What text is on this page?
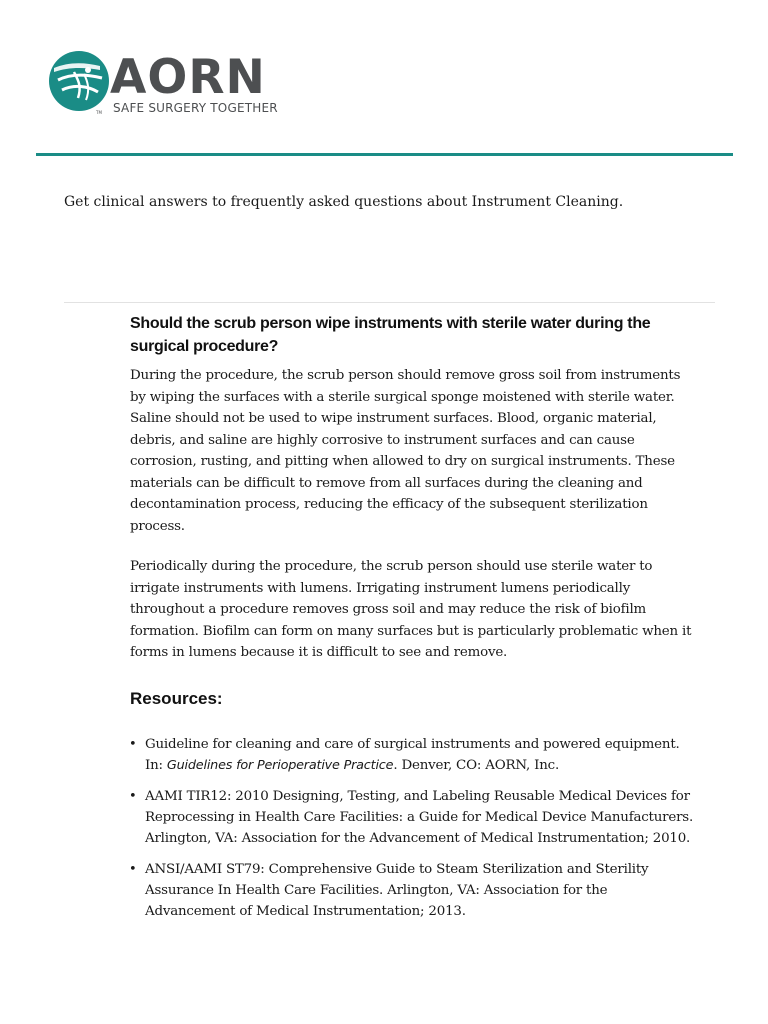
AORN
SAFE SURGERY TOGETHER
TM
Get clinical answers to frequently asked questions about Instrument Cleaning.
Should the scrub person wipe instruments with sterile water during the surgical procedure?

During the procedure, the scrub person should remove gross soil from instruments by wiping the surfaces with a sterile surgical sponge moistened with sterile water. Saline should not be used to wipe instrument surfaces. Blood, organic material, debris, and saline are highly corrosive to instrument surfaces and can cause corrosion, rusting, and pitting when allowed to dry on surgical instruments. These materials can be difficult to remove from all surfaces during the cleaning and decontamination process, reducing the efficacy of the subsequent sterilization process.

Periodically during the procedure, the scrub person should use sterile water to irrigate instruments with lumens. Irrigating instrument lumens periodically throughout a procedure removes gross soil and may reduce the risk of biofilm formation. Biofilm can form on many surfaces but is particularly problematic when it forms in lumens because it is difficult to see and remove.

Resources:
• Guideline for cleaning and care of surgical instruments and powered equipment. In: Guidelines for Perioperative Practice. Denver, CO: AORN, Inc.
• AAMI TIR12: 2010 Designing, Testing, and Labeling Reusable Medical Devices for Reprocessing in Health Care Facilities: a Guide for Medical Device Manufacturers. Arlington, VA: Association for the Advancement of Medical Instrumentation; 2010.
• ANSI/AAMI ST79: Comprehensive Guide to Steam Sterilization and Sterility Assurance In Health Care Facilities. Arlington, VA: Association for the Advancement of Medical Instrumentation; 2013.
